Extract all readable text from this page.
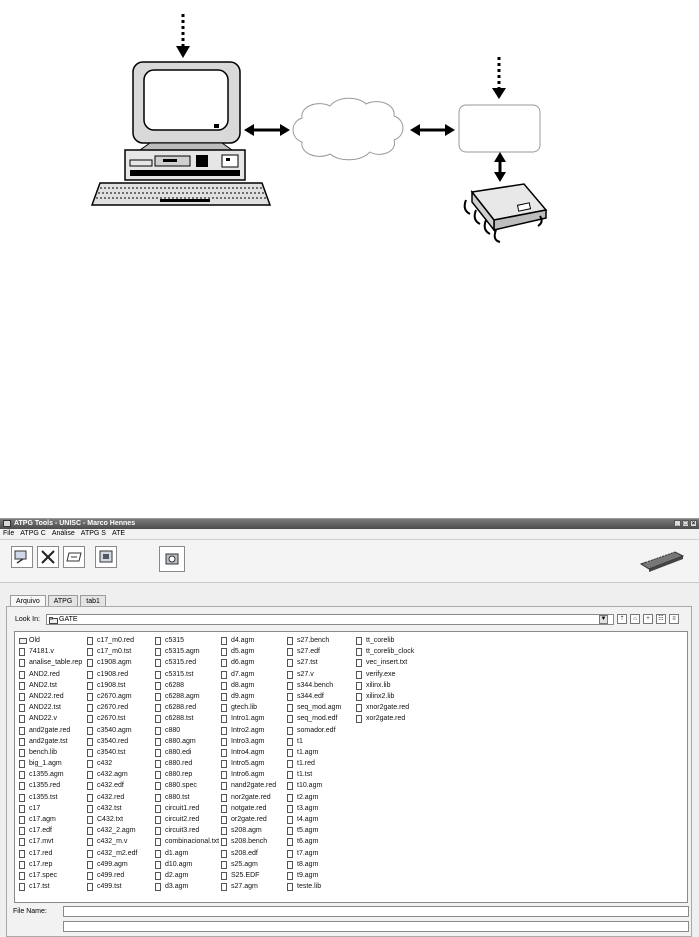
ATPG Tools - UNISC - Marco Hennes	_ □ ×
File ATPG C Análise ATPG S ATE
Arquivo	ATPG	tab1
Look In:	GATE	▼	⇡	⌂	+	☷	≡
Old
74181.v
analise_table.rep
AND2.red
AND2.tst
AND22.red
AND22.tst
AND22.v
and2gate.red
and2gate.tst
bench.lib
big_1.agm
c1355.agm
c1355.red
c1355.tst
c17
c17.agm
c17.edf
c17.mvt
c17.red
c17.rep
c17.spec
c17.tst
c17_m0.red
c17_m0.tst
c1908.agm
c1908.red
c1908.tst
c2670.agm
c2670.red
c2670.tst
c3540.agm
c3540.red
c3540.tst
c432
c432.agm
c432.edf
c432.red
c432.tst
C432.txt
c432_2.agm
c432_m.v
c432_m2.edf
c499.agm
c499.red
c499.tst
c5315
c5315.agm
c5315.red
c5315.tst
c6288
c6288.agm
c6288.red
c6288.tst
c880
c880.agm
c880.edi
c880.red
c880.rep
c880.spec
c880.tst
circuit1.red
circuit2.red
circuit3.red
combinacional.txt
d1.agm
d10.agm
d2.agm
d3.agm
d4.agm
d5.agm
d6.agm
d7.agm
d8.agm
d9.agm
gtech.lib
Intro1.agm
Intro2.agm
Intro3.agm
Intro4.agm
Intro5.agm
Intro6.agm
nand2gate.red
nor2gate.red
notgate.red
or2gate.red
s208.agm
s208.bench
s208.edf
s25.agm
S25.EDF
s27.agm
s27.bench
s27.edf
s27.tst
s27.v
s344.bench
s344.edf
seq_mod.agm
seq_mod.edf
somador.edf
t1
t1.agm
t1.red
t1.tst
t10.agm
t2.agm
t3.agm
t4.agm
t5.agm
t6.agm
t7.agm
t8.agm
t9.agm
teste.lib
tt_corelib
tt_corelib_clock
vec_insert.txt
verify.exe
xilinx.lib
xilinx2.lib
xnor2gate.red
xor2gate.red
File Name:
